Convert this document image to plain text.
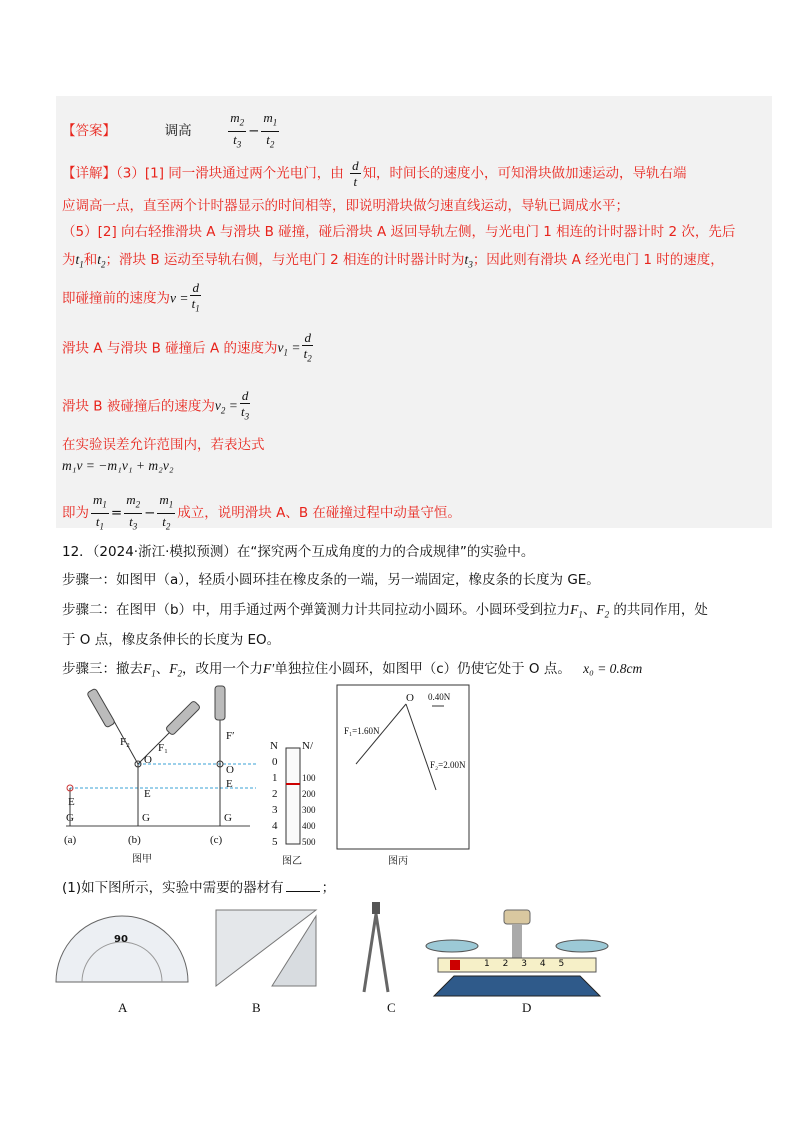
【答案】	调高	$\frac{m_2}{t_3} - \frac{m_1}{t_2}$
【详解】（3）[1] 同一滑块通过两个光电门，由 $\frac{d}{t}$ 知，时间长的速度小，可知滑块做加速运动，导轨右端
应调高一点，直至两个计时器显示的时间相等，即说明滑块做匀速直线运动，导轨已调成水平；
（5）[2] 向右轻推滑块 A 与滑块 B 碰撞，碰后滑块 A 返回导轨左侧，与光电门 1 相连的计时器计时 2 次，先后
为$t_1$和$t_2$；滑块 B 运动至导轨右侧，与光电门 2 相连的计时器计时为$t_3$；因此则有滑块 A 经光电门 1 时的速度，
即碰撞前的速度为$v = \frac{d}{t_1}$
滑块 A 与滑块 B 碰撞后 A 的速度为$v_1 = \frac{d}{t_2}$
滑块 B 被碰撞后的速度为$v_2 = \frac{d}{t_3}$
在实验误差允许范围内，若表达式
m₁v = −m₁v₁ + m₂v₂
即为 $\frac{m_1}{t_1} = \frac{m_2}{t_3} - \frac{m_1}{t_2}$ 成立，说明滑块 A、B 在碰撞过程中动量守恒。
12．（2024·浙江·模拟预测）在“探究两个互成角度的力的合成规律”的实验中。
步骤一：如图甲（a），轻质小圆环挂在橡皮条的一端，另一端固定，橡皮条的长度为 GE。
步骤二：在图甲（b）中，用手通过两个弹簧测力计共同拉动小圆环。小圆环受到拉力$F_1$、$F_2$ 的共同作用，处
于 O 点，橡皮条伸长的长度为 EO。
步骤三：撤去$F_1$、$F_2$，改用一个力F′单独拉住小圆环，如图甲（c）仍使它处于 O 点。 x₀ = 0.8cm
E
E
E
O
O
F₂	F₁
F′
G	G	G
(a)	(b)	(c)
图甲
N N/
0
1
2
3
4
5
100
200
300
400
500
图乙
O 0.40N
F₁=1.60N
F₂=2.00N
图丙
(1)如下图所示，实验中需要的器材有	；
90
A	B	C
1 2 3 4 5
D
